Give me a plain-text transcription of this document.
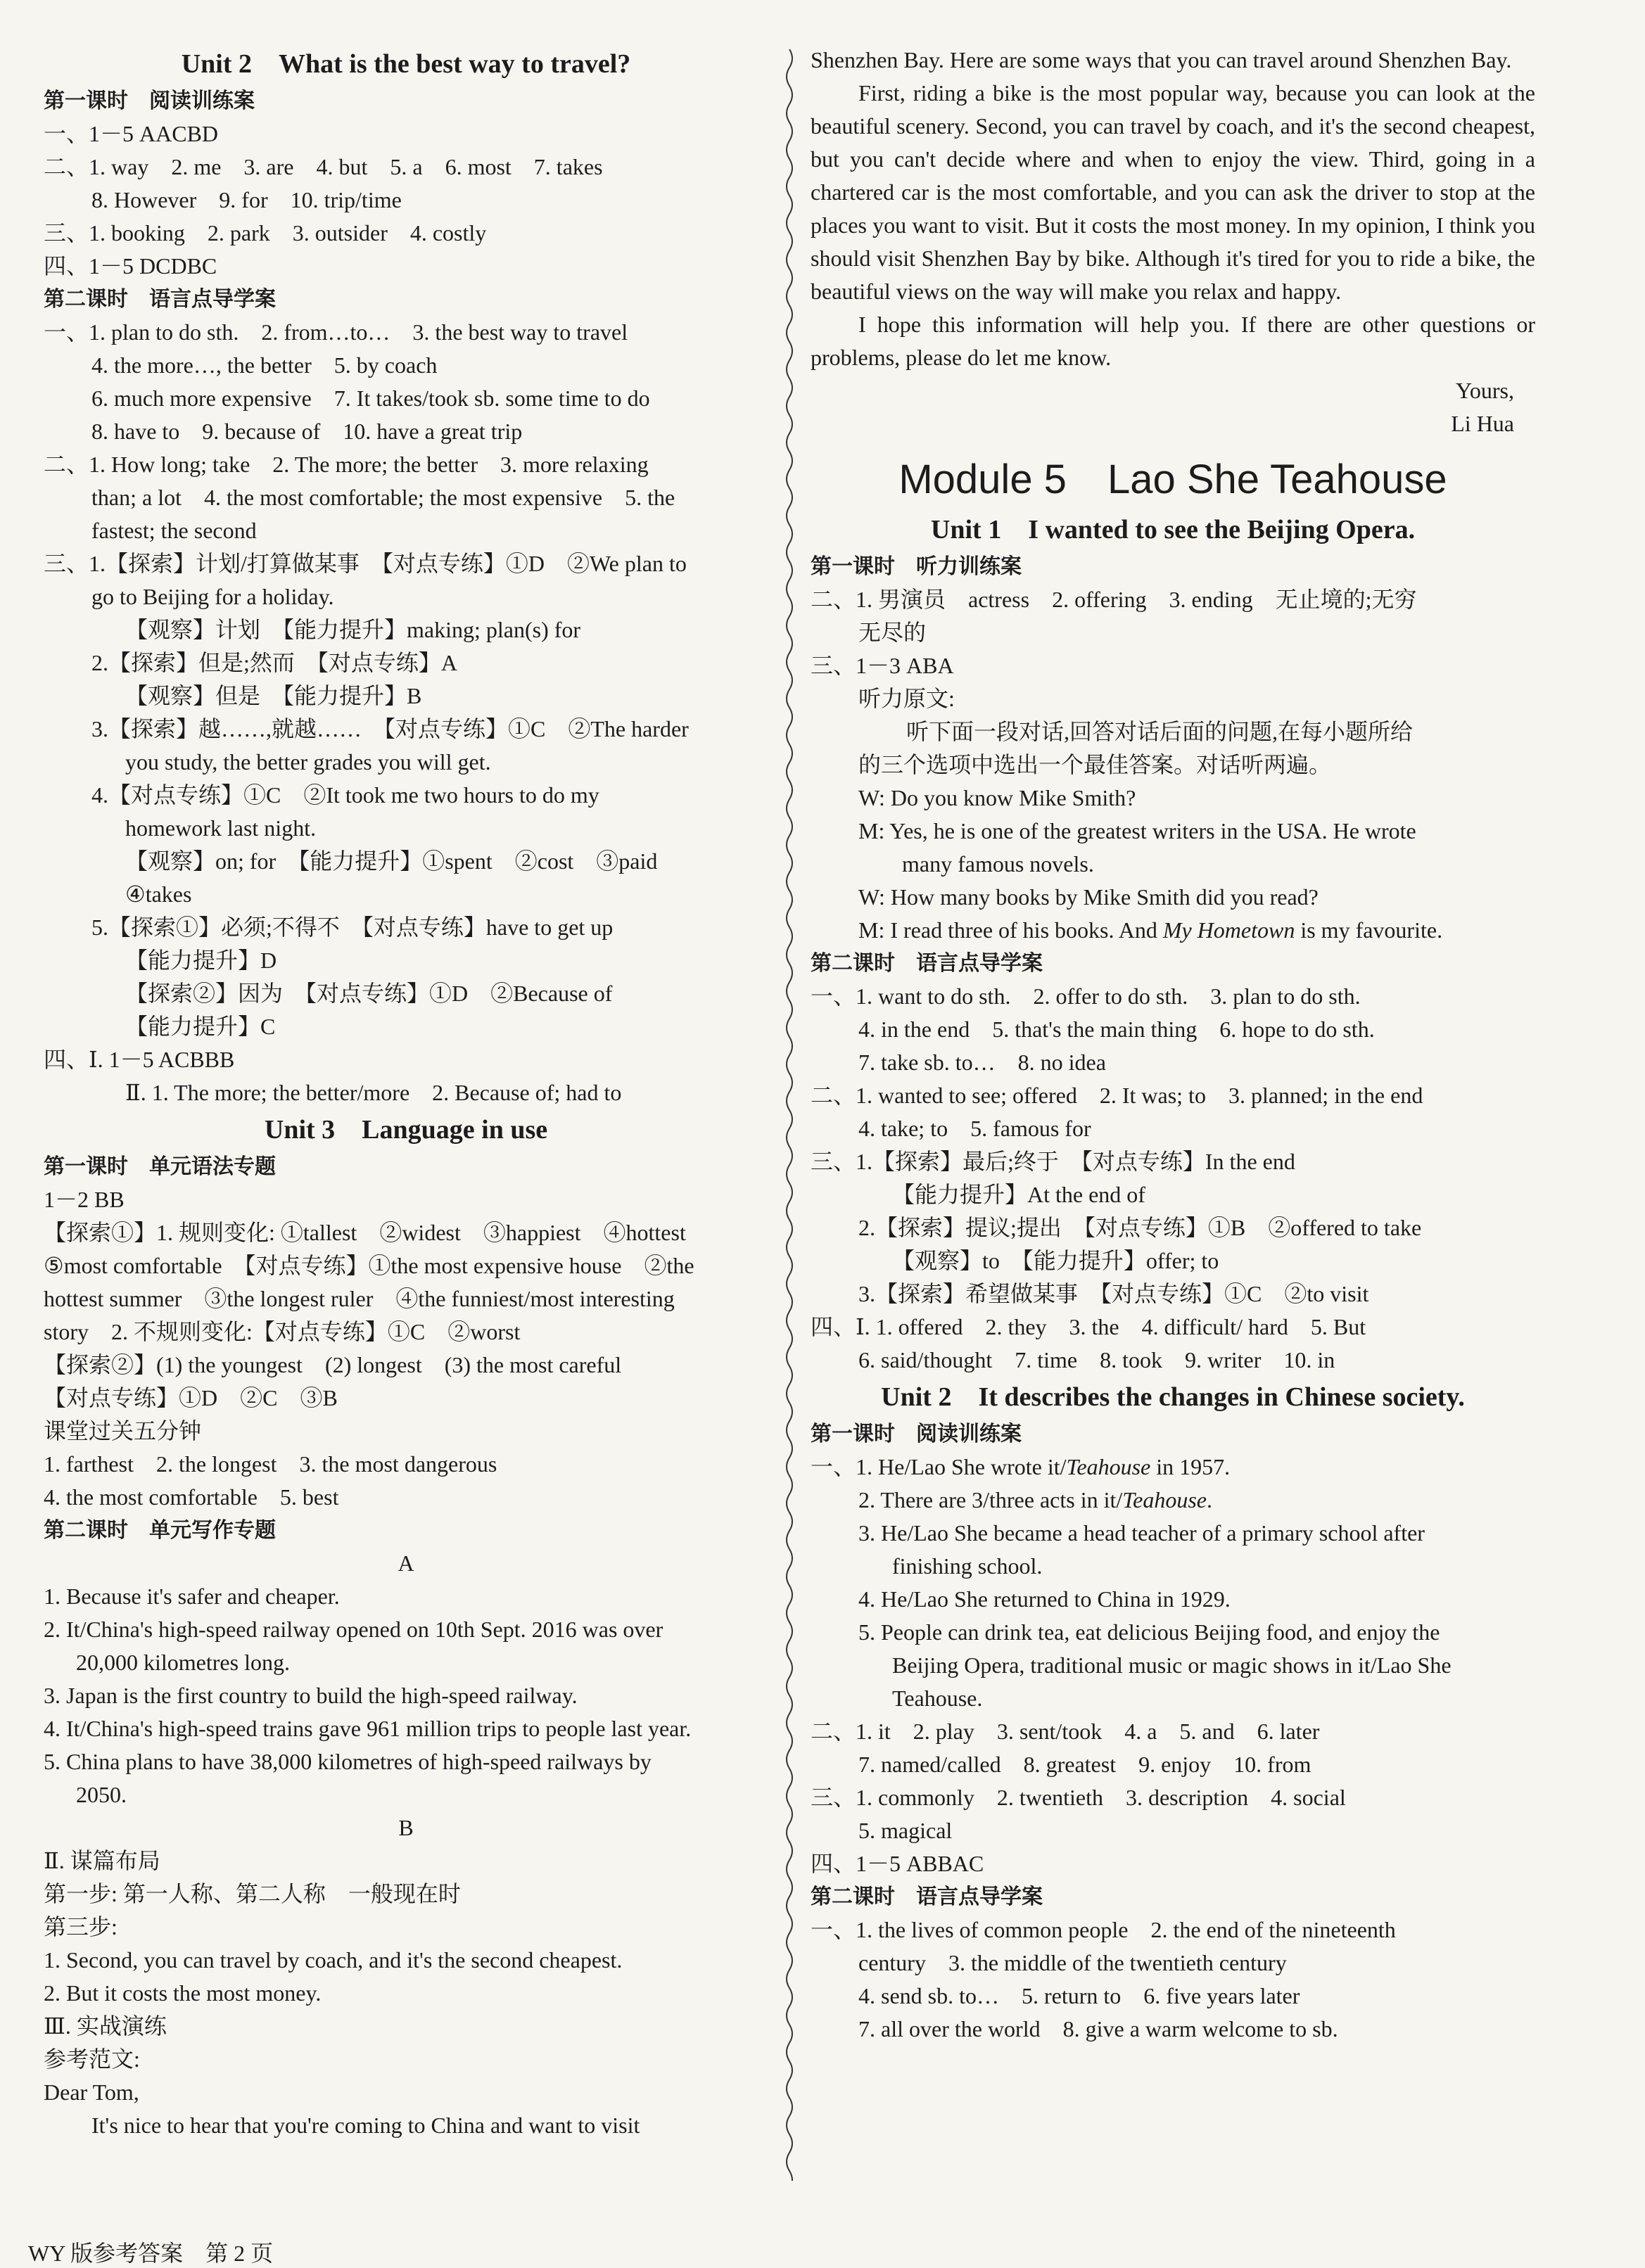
Unit 2　What is the best way to travel?
第一课时　阅读训练案

一、1－5 AACBD

二、1. way　2. me　3. are　4. but　5. a　6. most　7. takes

8. However　9. for　10. trip/time

三、1. booking　2. park　3. outsider　4. costly

四、1－5 DCDBC

第二课时　语言点导学案

一、1. plan to do sth.　2. from…to…　3. the best way to travel

4. the more…, the better　5. by coach

6. much more expensive　7. It takes/took sb. some time to do

8. have to　9. because of　10. have a great trip

二、1. How long; take　2. The more; the better　3. more relaxing

than; a lot　4. the most comfortable; the most expensive　5. the

fastest; the second

三、1.【探索】计划/打算做某事　【对点专练】①D　②We plan to

go to Beijing for a holiday.

【观察】计划　【能力提升】making; plan(s) for

2.【探索】但是;然而　【对点专练】A

【观察】但是　【能力提升】B

3.【探索】越……,就越……　【对点专练】①C　②The harder

you study, the better grades you will get.

4.【对点专练】①C　②It took me two hours to do my

homework last night.

【观察】on; for　【能力提升】①spent　②cost　③paid

④takes

5.【探索①】必须;不得不　【对点专练】have to get up

【能力提升】D

【探索②】因为　【对点专练】①D　②Because of

【能力提升】C

四、Ⅰ. 1－5 ACBBB

Ⅱ. 1. The more; the better/more　2. Because of; had to

Unit 3　Language in use
第一课时　单元语法专题

1－2 BB

【探索①】1. 规则变化: ①tallest　②widest　③happiest　④hottest

⑤most comfortable　【对点专练】①the most expensive house　②the

hottest summer　③the longest ruler　④the funniest/most interesting

story　2. 不规则变化:【对点专练】①C　②worst

【探索②】(1) the youngest　(2) longest　(3) the most careful

【对点专练】①D　②C　③B

课堂过关五分钟

1. farthest　2. the longest　3. the most dangerous

4. the most comfortable　5. best

第二课时　单元写作专题

A

1. Because it's safer and cheaper.

2. It/China's high-speed railway opened on 10th Sept. 2016 was over

20,000 kilometres long.

3. Japan is the first country to build the high-speed railway.

4. It/China's high-speed trains gave 961 million trips to people last year.

5. China plans to have 38,000 kilometres of high-speed railways by

2050.

B

Ⅱ. 谋篇布局

第一步: 第一人称、第二人称　一般现在时

第三步:

1. Second, you can travel by coach, and it's the second cheapest.

2. But it costs the most money.

Ⅲ. 实战演练

参考范文:

Dear Tom,

It's nice to hear that you're coming to China and want to visit

Shenzhen Bay. Here are some ways that you can travel around Shenzhen Bay.

First, riding a bike is the most popular way, because you can look at the beautiful scenery. Second, you can travel by coach, and it's the second cheapest, but you can't decide where and when to enjoy the view. Third, going in a chartered car is the most comfortable, and you can ask the driver to stop at the places you want to visit. But it costs the most money. In my opinion, I think you should visit Shenzhen Bay by bike. Although it's tired for you to ride a bike, the beautiful views on the way will make you relax and happy.

I hope this information will help you. If there are other questions or problems, please do let me know.

Yours,

Li Hua

Module 5　Lao She Teahouse
Unit 1　I wanted to see the Beijing Opera.
第一课时　听力训练案

二、1. 男演员　actress　2. offering　3. ending　无止境的;无穷

无尽的

三、1－3 ABA

听力原文:

听下面一段对话,回答对话后面的问题,在每小题所给

的三个选项中选出一个最佳答案。对话听两遍。

W: Do you know Mike Smith?

M: Yes, he is one of the greatest writers in the USA. He wrote

many famous novels.

W: How many books by Mike Smith did you read?

M: I read three of his books. And My Hometown is my favourite.

第二课时　语言点导学案

一、1. want to do sth.　2. offer to do sth.　3. plan to do sth.

4. in the end　5. that's the main thing　6. hope to do sth.

7. take sb. to…　8. no idea

二、1. wanted to see; offered　2. It was; to　3. planned; in the end

4. take; to　5. famous for

三、1.【探索】最后;终于　【对点专练】In the end

【能力提升】At the end of

2.【探索】提议;提出　【对点专练】①B　②offered to take

【观察】to　【能力提升】offer; to

3.【探索】希望做某事　【对点专练】①C　②to visit

四、Ⅰ. 1. offered　2. they　3. the　4. difficult/ hard　5. But

6. said/thought　7. time　8. took　9. writer　10. in

Unit 2　It describes the changes in Chinese society.
第一课时　阅读训练案

一、1. He/Lao She wrote it/Teahouse in 1957.

2. There are 3/three acts in it/Teahouse.

3. He/Lao She became a head teacher of a primary school after

finishing school.

4. He/Lao She returned to China in 1929.

5. People can drink tea, eat delicious Beijing food, and enjoy the

Beijing Opera, traditional music or magic shows in it/Lao She

Teahouse.

二、1. it　2. play　3. sent/took　4. a　5. and　6. later

7. named/called　8. greatest　9. enjoy　10. from

三、1. commonly　2. twentieth　3. description　4. social

5. magical

四、1－5 ABBAC

第二课时　语言点导学案

一、1. the lives of common people　2. the end of the nineteenth

century　3. the middle of the twentieth century

4. send sb. to…　5. return to　6. five years later

7. all over the world　8. give a warm welcome to sb.

WY 版参考答案　第 2 页
